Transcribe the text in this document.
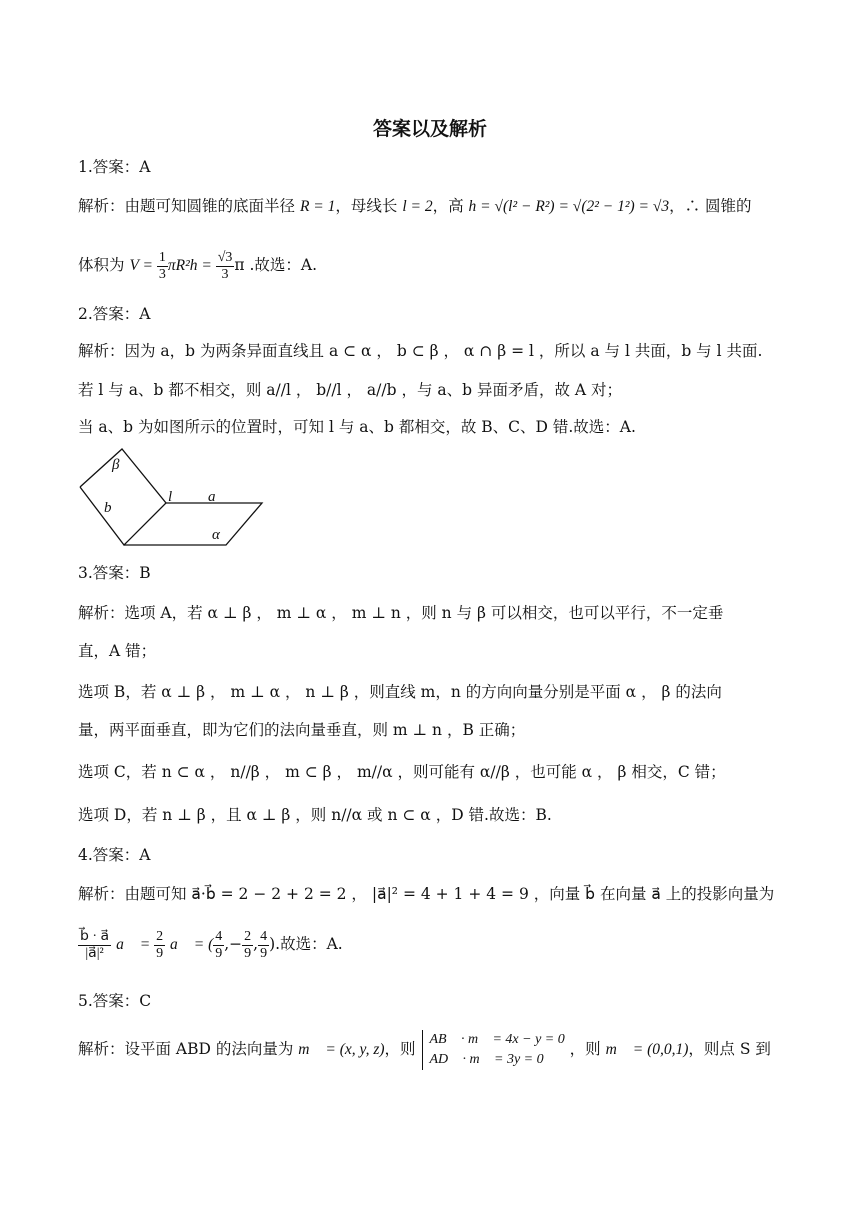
答案以及解析
1.答案：A
解析：由题可知圆锥的底面半径 R = 1，母线长 l = 2，高 h = √(l² − R²) = √(2² − 1²) = √3，∴ 圆锥的
体积为 $V = \frac{1}{3} \pi R^2h = \frac{√3}{3}$ π .故选：A.
2.答案：A
解析：因为 a，b 为两条异面直线且 a ⊂ α ， b ⊂ β ， α ∩ β = l ，所以 a 与 l 共面，b 与 l 共面.
若 l 与 a、b 都不相交，则 a//l ， b//l ， a//b ，与 a、b 异面矛盾，故 A 对；
当 a、b 为如图所示的位置时，可知 l 与 a、b 都相交，故 B、C、D 错.故选：A.
β
b
l a
α
3.答案：B
解析：选项 A，若 α ⊥ β ， m ⊥ α ， m ⊥ n ，则 n 与 β 可以相交，也可以平行，不一定垂
直，A 错；
选项 B，若 α ⊥ β ， m ⊥ α ， n ⊥ β ，则直线 m，n 的方向向量分别是平面 α ， β 的法向
量，两平面垂直，即为它们的法向量垂直，则 m ⊥ n ，B 正确；
选项 C，若 n ⊂ α ， n//β ， m ⊂ β ， m//α ，则可能有 α//β ，也可能 α ， β 相交，C 错；
选项 D，若 n ⊥ β ，且 α ⊥ β ，则 n//α 或 n ⊂ α ，D 错.故选：B.
4.答案：A
解析：由题可知 a⃗·b⃗ = 2 − 2 + 2 = 2 ， |a⃗|² = 4 + 1 + 4 = 9 ，向量 b⃗ 在向量 a⃗ 上的投影向量为
$\frac{b⃗ \cdot a⃗}{\text{|a⃗|²}}$ a⃗ = $\frac{2}{9}$ a⃗ = ( $\frac{4}{9}$ ,− $\frac{2}{9}$ , $\frac{4}{9}$ ).故选：A.
5.答案：C
解析：设平面 ABD 的法向量为 m⃗ = (x, y, z)，则
AB⃗ · m⃗ = 4x − y = 0
AD⃗ · m⃗ = 3y = 0
，则 m⃗ = (0,0,1)，则点 S 到
